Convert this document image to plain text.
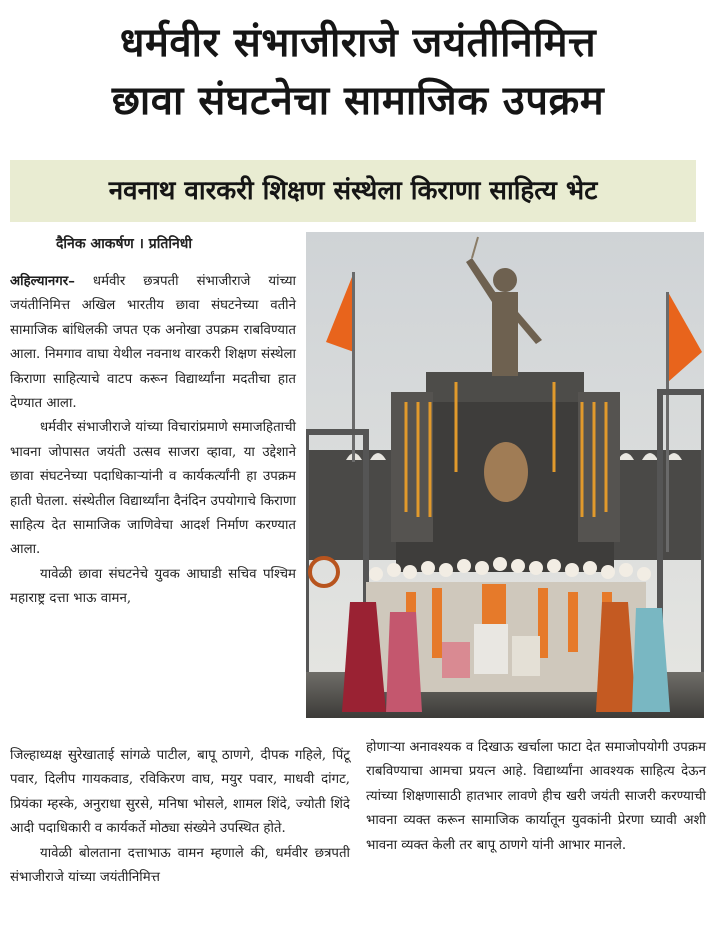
धर्मवीर संभाजीराजे जयंतीनिमित्त
छावा संघटनेचा सामाजिक उपक्रम
नवनाथ वारकरी शिक्षण संस्थेला किराणा साहित्य भेट
दैनिक आकर्षण । प्रतिनिधी

अहिल्यानगर– धर्मवीर छत्रपती संभाजीराजे यांच्या जयंतीनिमित्त अखिल भारतीय छावा संघटनेच्या वतीने सामाजिक बांधिलकी जपत एक अनोखा उपक्रम राबविण्यात आला. निमगाव वाघा येथील नवनाथ वारकरी शिक्षण संस्थेला किराणा साहित्याचे वाटप करून विद्यार्थ्यांना मदतीचा हात देण्यात आला.

धर्मवीर संभाजीराजे यांच्या विचारांप्रमाणे समाजहिताची भावना जोपासत जयंती उत्सव साजरा व्हावा, या उद्देशाने छावा संघटनेच्या पदाधिकाऱ्यांनी व कार्यकर्त्यांनी हा उपक्रम हाती घेतला. संस्थेतील विद्यार्थ्यांना दैनंदिन उपयोगाचे किराणा साहित्य देत सामाजिक जाणिवेचा आदर्श निर्माण करण्यात आला.

यावेळी छावा संघटनेचे युवक आघाडी सचिव पश्चिम महाराष्ट्र दत्ता भाऊ वामन,

जिल्हाध्यक्ष सुरेखाताई सांगळे पाटील, बापू ठाणगे, दीपक गहिले, पिंटू पवार, दिलीप गायकवाड, रविकिरण वाघ, मयुर पवार, माधवी दांगट, प्रियंका म्हस्के, अनुराधा सुरसे, मनिषा भोसले, शामल शिंदे, ज्योती शिंदे आदी पदाधिकारी व कार्यकर्ते मोठ्या संख्येने उपस्थित होते.

यावेळी बोलताना दत्ताभाऊ वामन म्हणाले की, धर्मवीर छत्रपती संभाजीराजे यांच्या जयंतीनिमित्त

होणाऱ्या अनावश्यक व दिखाऊ खर्चाला फाटा देत समाजोपयोगी उपक्रम राबविण्याचा आमचा प्रयत्न आहे. विद्यार्थ्यांना आवश्यक साहित्य देऊन त्यांच्या शिक्षणासाठी हातभार लावणे हीच खरी जयंती साजरी करण्याची भावना व्यक्त करून सामाजिक कार्यातून युवकांनी प्रेरणा घ्यावी अशी भावना व्यक्त केली तर बापू ठाणगे यांनी आभार मानले.
